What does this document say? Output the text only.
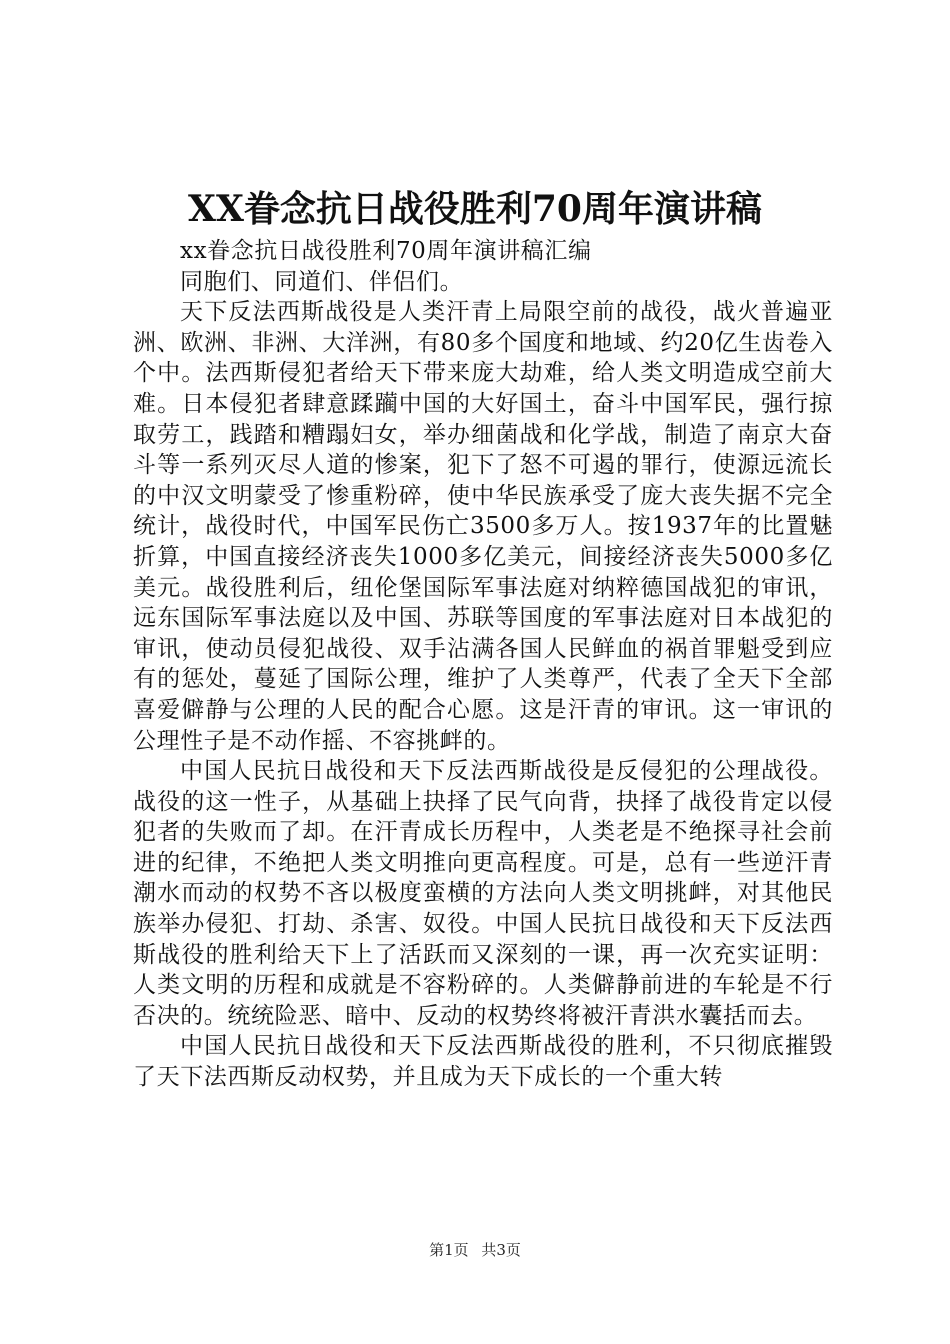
XX眷念抗日战役胜利70周年演讲稿
xx眷念抗日战役胜利70周年演讲稿汇编

同胞们、同道们、伴侣们。

天下反法西斯战役是人类汗青上局限空前的战役，战火普遍亚洲、欧洲、非洲、大洋洲，有80多个国度和地域、约20亿生齿卷入个中。法西斯侵犯者给天下带来庞大劫难，给人类文明造成空前大难。日本侵犯者肆意蹂躏中国的大好国土，奋斗中国军民，强行掠取劳工，践踏和糟蹋妇女，举办细菌战和化学战，制造了南京大奋斗等一系列灭尽人道的惨案，犯下了怒不可遏的罪行，使源远流长的中汉文明蒙受了惨重粉碎，使中华民族承受了庞大丧失据不完全统计，战役时代，中国军民伤亡3500多万人。按1937年的比置魅折算，中国直接经济丧失1000多亿美元，间接经济丧失5000多亿美元。战役胜利后，纽伦堡国际军事法庭对纳粹德国战犯的审讯，远东国际军事法庭以及中国、苏联等国度的军事法庭对日本战犯的审讯，使动员侵犯战役、双手沾满各国人民鲜血的祸首罪魁受到应有的惩处，蔓延了国际公理，维护了人类尊严，代表了全天下全部喜爱僻静与公理的人民的配合心愿。这是汗青的审讯。这一审讯的公理性子是不动作摇、不容挑衅的。

中国人民抗日战役和天下反法西斯战役是反侵犯的公理战役。战役的这一性子，从基础上抉择了民气向背，抉择了战役肯定以侵犯者的失败而了却。在汗青成长历程中，人类老是不绝探寻社会前进的纪律，不绝把人类文明推向更高程度。可是，总有一些逆汗青潮水而动的权势不吝以极度蛮横的方法向人类文明挑衅，对其他民族举办侵犯、打劫、杀害、奴役。中国人民抗日战役和天下反法西斯战役的胜利给天下上了活跃而又深刻的一课，再一次充实证明：人类文明的历程和成就是不容粉碎的。人类僻静前进的车轮是不行否决的。统统险恶、暗中、反动的权势终将被汗青洪水囊括而去。

中国人民抗日战役和天下反法西斯战役的胜利，不只彻底摧毁了天下法西斯反动权势，并且成为天下成长的一个重大转

第1页 共3页
